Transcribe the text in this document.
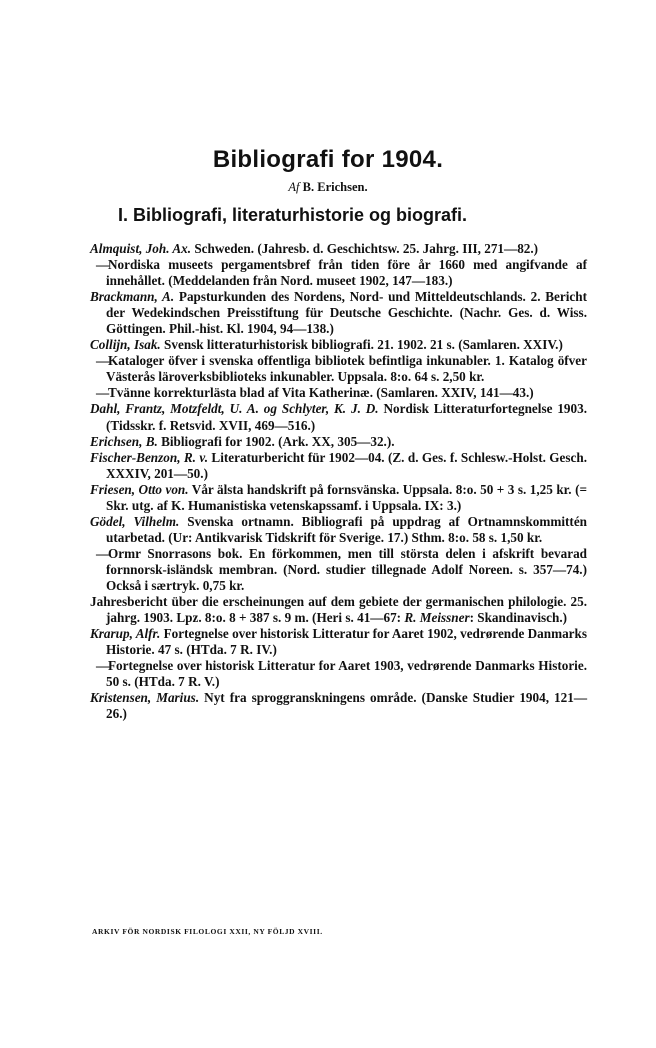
Bibliografi for 1904.
Af B. Erichsen.
I. Bibliografi, literaturhistorie og biografi.

Almquist, Joh. Ax. Schweden. (Jahresb. d. Geschichtsw. 25. Jahrg. III, 271—82.)

—Nordiska museets pergamentsbref från tiden före år 1660 med angifvande af innehållet. (Meddelanden från Nord. museet 1902, 147—183.)

Brackmann, A. Papsturkunden des Nordens, Nord- und Mitteldeutschlands. 2. Bericht der Wedekindschen Preisstiftung für Deutsche Geschichte. (Nachr. Ges. d. Wiss. Göttingen. Phil.-hist. Kl. 1904, 94—138.)

Collijn, Isak. Svensk litteraturhistorisk bibliografi. 21. 1902. 21 s. (Samlaren. XXIV.)

—Kataloger öfver i svenska offentliga bibliotek befintliga inkunabler. 1. Katalog öfver Västerås läroverksbiblioteks inkunabler. Uppsala. 8:o. 64 s. 2,50 kr.

—Tvänne korrekturlästa blad af Vita Katherinæ. (Samlaren. XXIV, 141—43.)

Dahl, Frantz, Motzfeldt, U. A. og Schlyter, K. J. D. Nordisk Litteraturfortegnelse 1903. (Tidsskr. f. Retsvid. XVII, 469—516.)

Erichsen, B. Bibliografi for 1902. (Ark. XX, 305—32.).

Fischer-Benzon, R. v. Literaturbericht für 1902—04. (Z. d. Ges. f. Schlesw.-Holst. Gesch. XXXIV, 201—50.)

Friesen, Otto von. Vår älsta handskrift på fornsvänska. Uppsala. 8:o. 50 + 3 s. 1,25 kr. (= Skr. utg. af K. Humanistiska vetenskapssamf. i Uppsala. IX: 3.)

Gödel, Vilhelm. Svenska ortnamn. Bibliografi på uppdrag af Ortnamnskommittén utarbetad. (Ur: Antikvarisk Tidskrift för Sverige. 17.) Sthm. 8:o. 58 s. 1,50 kr.

—Ormr Snorrasons bok. En förkommen, men till största delen i afskrift bevarad fornnorsk-isländsk membran. (Nord. studier tillegnade Adolf Noreen. s. 357—74.) Också i særtryk. 0,75 kr.

Jahresbericht über die erscheinungen auf dem gebiete der germanischen philologie. 25. jahrg. 1903. Lpz. 8:o. 8 + 387 s. 9 m. (Heri s. 41—67: R. Meissner: Skandinavisch.)

Krarup, Alfr. Fortegnelse over historisk Litteratur for Aaret 1902, vedrørende Danmarks Historie. 47 s. (HTda. 7 R. IV.)

—Fortegnelse over historisk Litteratur for Aaret 1903, vedrørende Danmarks Historie. 50 s. (HTda. 7 R. V.)

Kristensen, Marius. Nyt fra sproggranskningens område. (Danske Studier 1904, 121—26.)

ARKIV FÖR NORDISK FILOLOGI XXII, NY FÖLJD XVIII.
